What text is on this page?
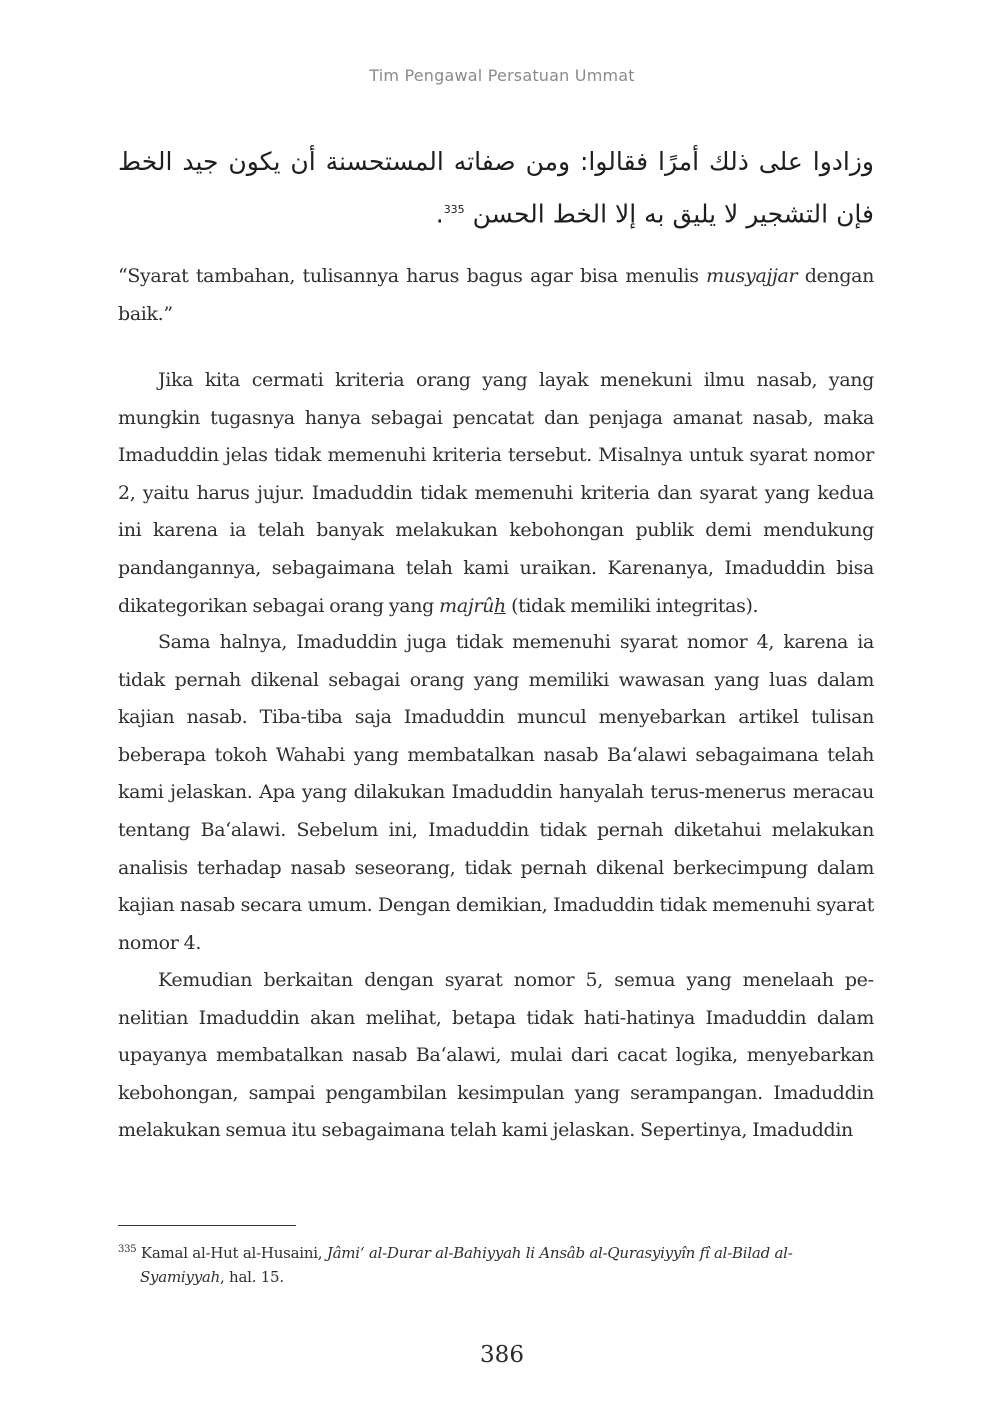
Tim Pengawal Persatuan Ummat
وزادوا على ذلك أمرًا فقالوا: ومن صفاته المستحسنة أن يكون جيد الخط فإن التشجير لا يليق به إلا الخط الحسن $^{335}$.

“Syarat tambahan, tulisannya harus bagus agar bisa menulis musyajjar dengan baik.”

Jika kita cermati kriteria orang yang layak menekuni ilmu nasab, yang mungkin tugasnya hanya sebagai pencatat dan penjaga amanat nasab, maka Imaduddin jelas tidak memenuhi kriteria tersebut. Misalnya untuk syarat nomor 2, yaitu harus jujur. Imaduddin tidak memenuhi kriteria dan syarat yang kedua ini karena ia telah banyak melakukan kebohongan publik demi mendukung pandangannya, sebagaimana telah kami uraikan. Karenanya, Imaduddin bisa dikategorikan sebagai orang yang majrûh (tidak memiliki integritas).

Sama halnya, Imaduddin juga tidak memenuhi syarat nomor 4, karena ia tidak pernah dikenal sebagai orang yang memiliki wawasan yang luas dalam kajian nasab. Tiba-tiba saja Imaduddin muncul menyebarkan artikel tulisan beberapa tokoh Wahabi yang membatalkan nasab Ba‘alawi sebagaimana telah kami jelaskan. Apa yang dilakukan Imaduddin hanyalah terus-menerus meracau tentang Ba‘alawi. Sebelum ini, Imaduddin tidak pernah diketahui melakukan analisis terhadap nasab seseorang, tidak pernah dikenal berkecimpung dalam kajian nasab secara umum. Dengan demikian, Imaduddin tidak memenuhi syarat nomor 4.

Kemudian berkaitan dengan syarat nomor 5, semua yang menelaah penelitian Imaduddin akan melihat, betapa tidak hati-hatinya Imaduddin dalam upayanya membatalkan nasab Ba‘alawi, mulai dari cacat logika, menyebarkan kebohongan, sampai pengambilan kesimpulan yang serampangan. Imaduddin melakukan semua itu sebagaimana telah kami jelaskan. Sepertinya, Imaduddin

$^{335}$ Kamal al-Hut al-Husaini, Jâmi‘ al-Durar al-Bahiyyah li Ansâb al-Qurasyiyyîn fî al-Bilad al-Syamiyyah, hal. 15.
386
